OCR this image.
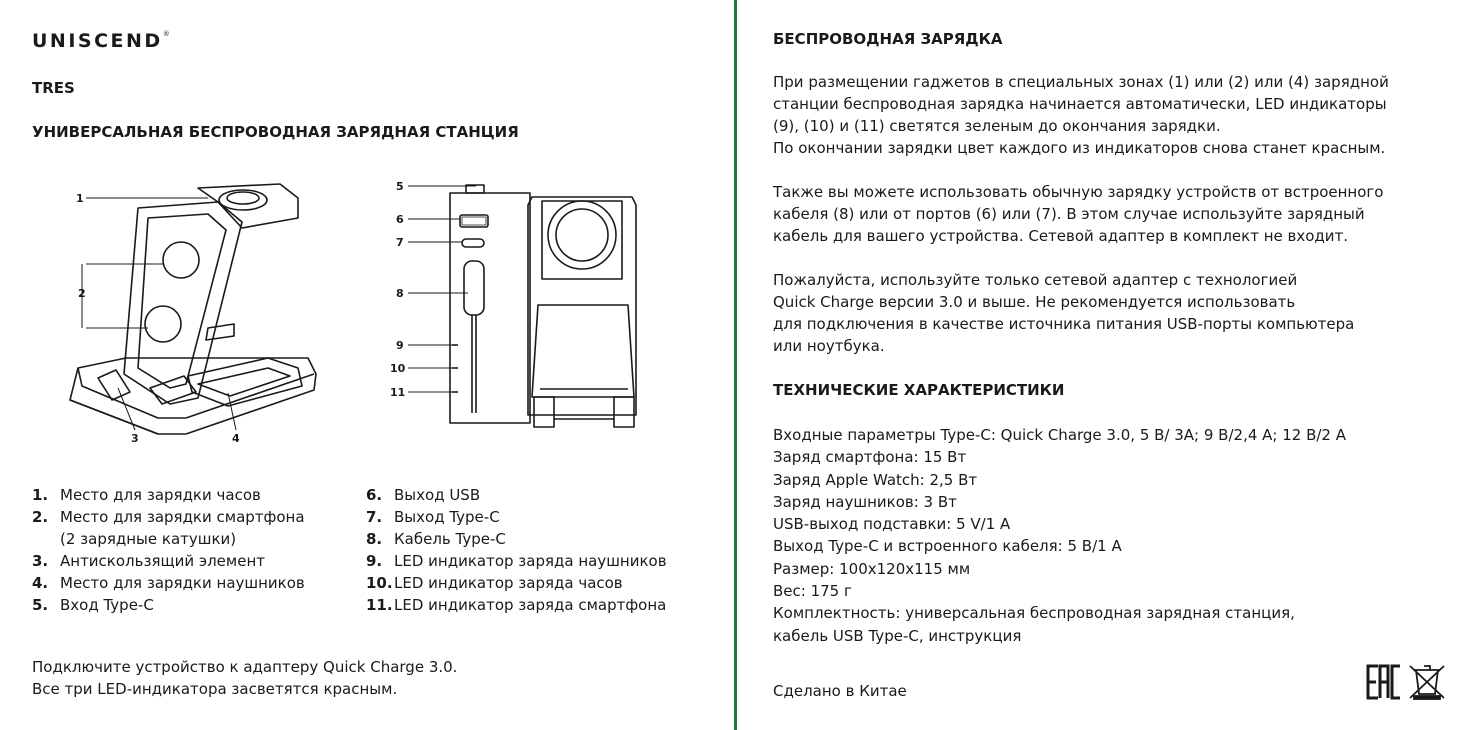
UNISCEND®
TRES
УНИВЕРСАЛЬНАЯ БЕСПРОВОДНАЯ ЗАРЯДНАЯ СТАНЦИЯ
1
2
3	4
5
6
7
8
9
10
11
1. Место для зарядки часов
2. Место для зарядки смартфона
(2 зарядные катушки)
3. Антискользящий элемент
4. Место для зарядки наушников
5. Вход Type-C
6. Выход USB
7. Выход Type-C
8. Кабель Type-C
9. LED индикатор заряда наушников
10. LED индикатор заряда часов
11. LED индикатор заряда смартфона
Подключите устройство к адаптеру Quick Charge 3.0.
Все три LED-индикатора засветятся красным.
БЕСПРОВОДНАЯ ЗАРЯДКА
При размещении гаджетов в специальных зонах (1) или (2) или (4) зарядной
станции беспроводная зарядка начинается автоматически, LED индикаторы
(9), (10) и (11) светятся зеленым до окончания зарядки.
По окончании зарядки цвет каждого из индикаторов снова станет красным.
Также вы можете использовать обычную зарядку устройств от встроенного
кабеля (8) или от портов (6) или (7). В этом случае используйте зарядный
кабель для вашего устройства. Сетевой адаптер в комплект не входит.
Пожалуйста, используйте только сетевой адаптер с технологией
Quick Charge версии 3.0 и выше. Не рекомендуется использовать
для подключения в качестве источника питания USB-порты компьютера
или ноутбука.
ТЕХНИЧЕСКИЕ ХАРАКТЕРИСТИКИ
Входные параметры Type-C: Quick Charge 3.0, 5 В/ 3А; 9 В/2,4 А; 12 В/2 А
Заряд смартфона: 15 Вт
Заряд Apple Watch: 2,5 Вт
Заряд наушников: 3 Вт
USB-выход подставки: 5 V/1 A
Выход Type-C и встроенного кабеля: 5 В/1 А
Размер: 100х120х115 мм
Вес: 175 г
Комплектность: универсальная беспроводная зарядная станция,
кабель USB Type-C, инструкция
Сделано в Китае
